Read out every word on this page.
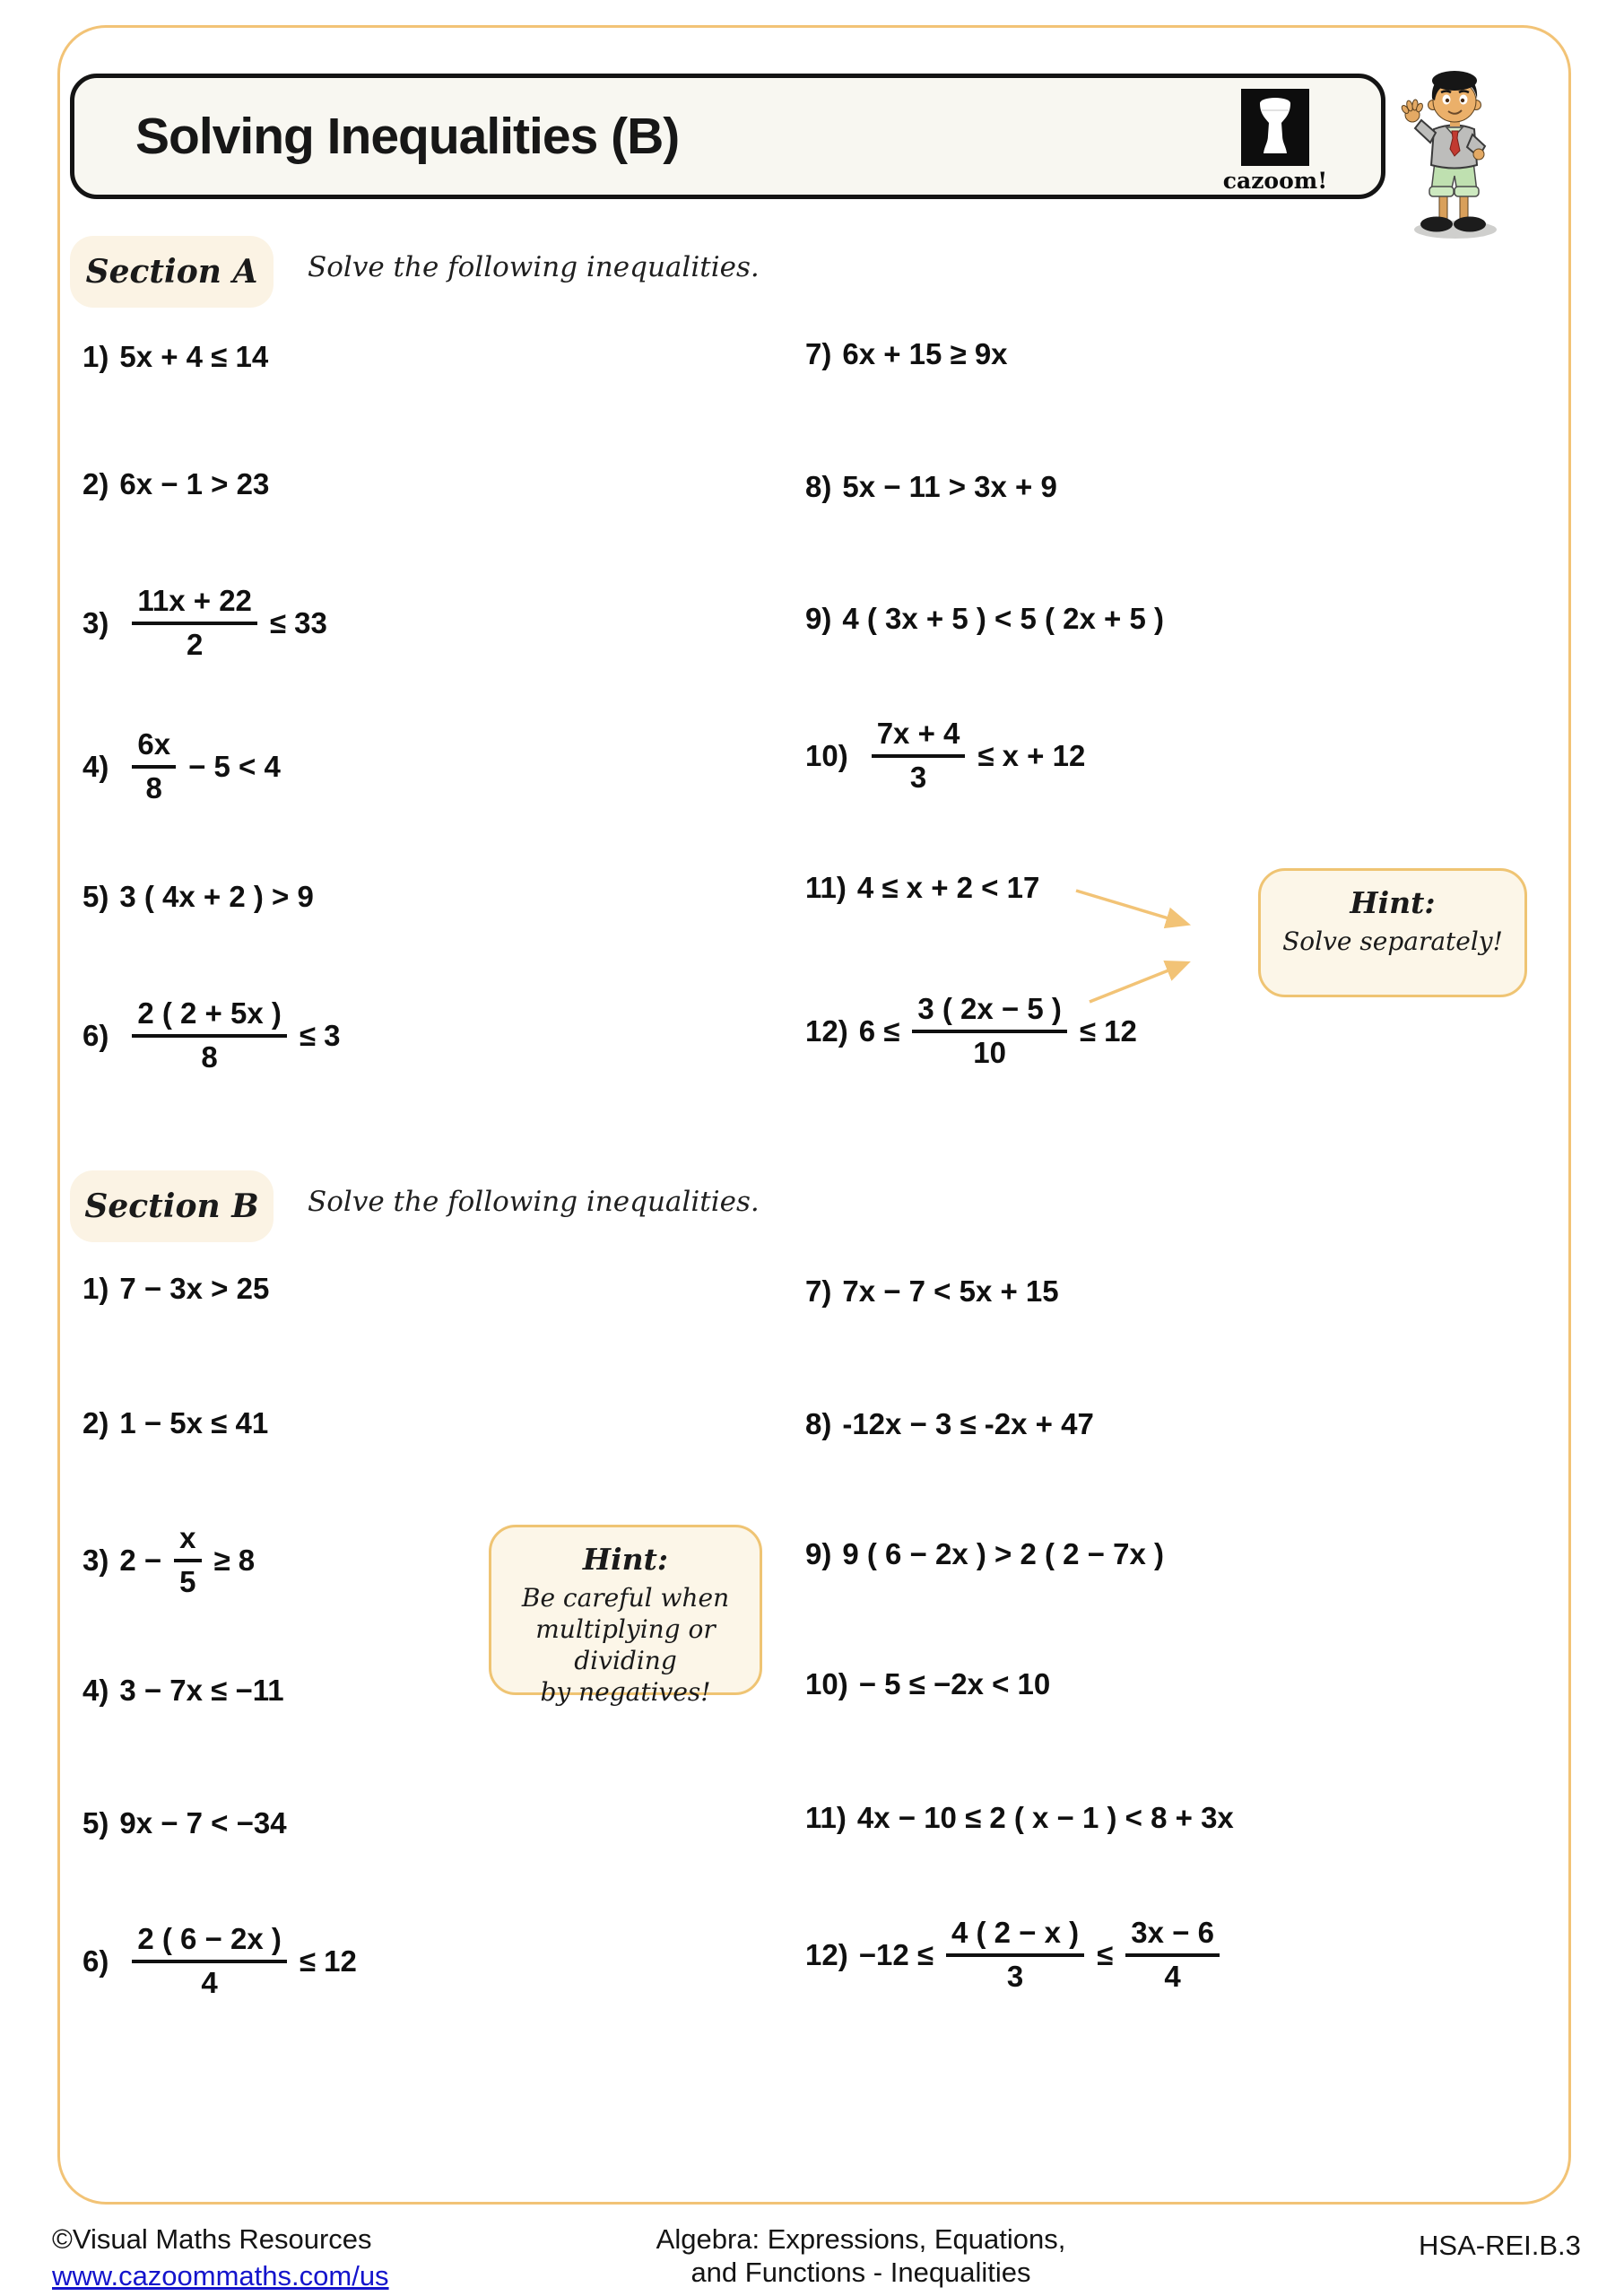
Solving Inequalities (B)
cazoom!
Section A Solve the following inequalities.
1) 5x + 4 ≤ 14
2) 6x − 1 > 23
$3) \frac{11x + 22}{2} \le 33$
$4) \frac{6x}{8} - 5 < 4$
5) 3 ( 4x + 2 ) > 9
$6) \frac{2 ( 2 + 5x )}{8} \le 3$
7) 6x + 15 ≥ 9x
8) 5x − 11 > 3x + 9
9) 4 ( 3x + 5 ) < 5 ( 2x + 5 )
$10) \frac{7x + 4}{3} \le x + 12$
11) 4 ≤ x + 2 < 17
12) $6 \le \frac{3 ( 2x - 5 )}{10} \le 12$
Hint:
Solve separately!
Section B Solve the following inequalities.
1) 7 − 3x > 25
2) 1 − 5x ≤ 41
3) $2 - \frac{x}{5} \ge 8$
4) 3 − 7x ≤ −11
5) 9x − 7 < −34
$6) \frac{2 ( 6 - 2x )}{4} \le 12$
7) 7x − 7 < 5x + 15
8) -12x − 3 ≤ -2x + 47
9) 9 ( 6 − 2x ) > 2 ( 2 − 7x )
10) − 5 ≤ −2x < 10
11) 4x − 10 ≤ 2 ( x − 1 ) < 8 + 3x
$12) -12 \le \frac{4 ( 2 - x )}{3} \le \frac{3x - 6}{4}$
Hint:
Be careful when
multiplying or dividing
by negatives!
©Visual Maths Resources
www.cazoommaths.com/us
Algebra: Expressions, Equations,
and Functions - Inequalities
HSA-REI.B.3
